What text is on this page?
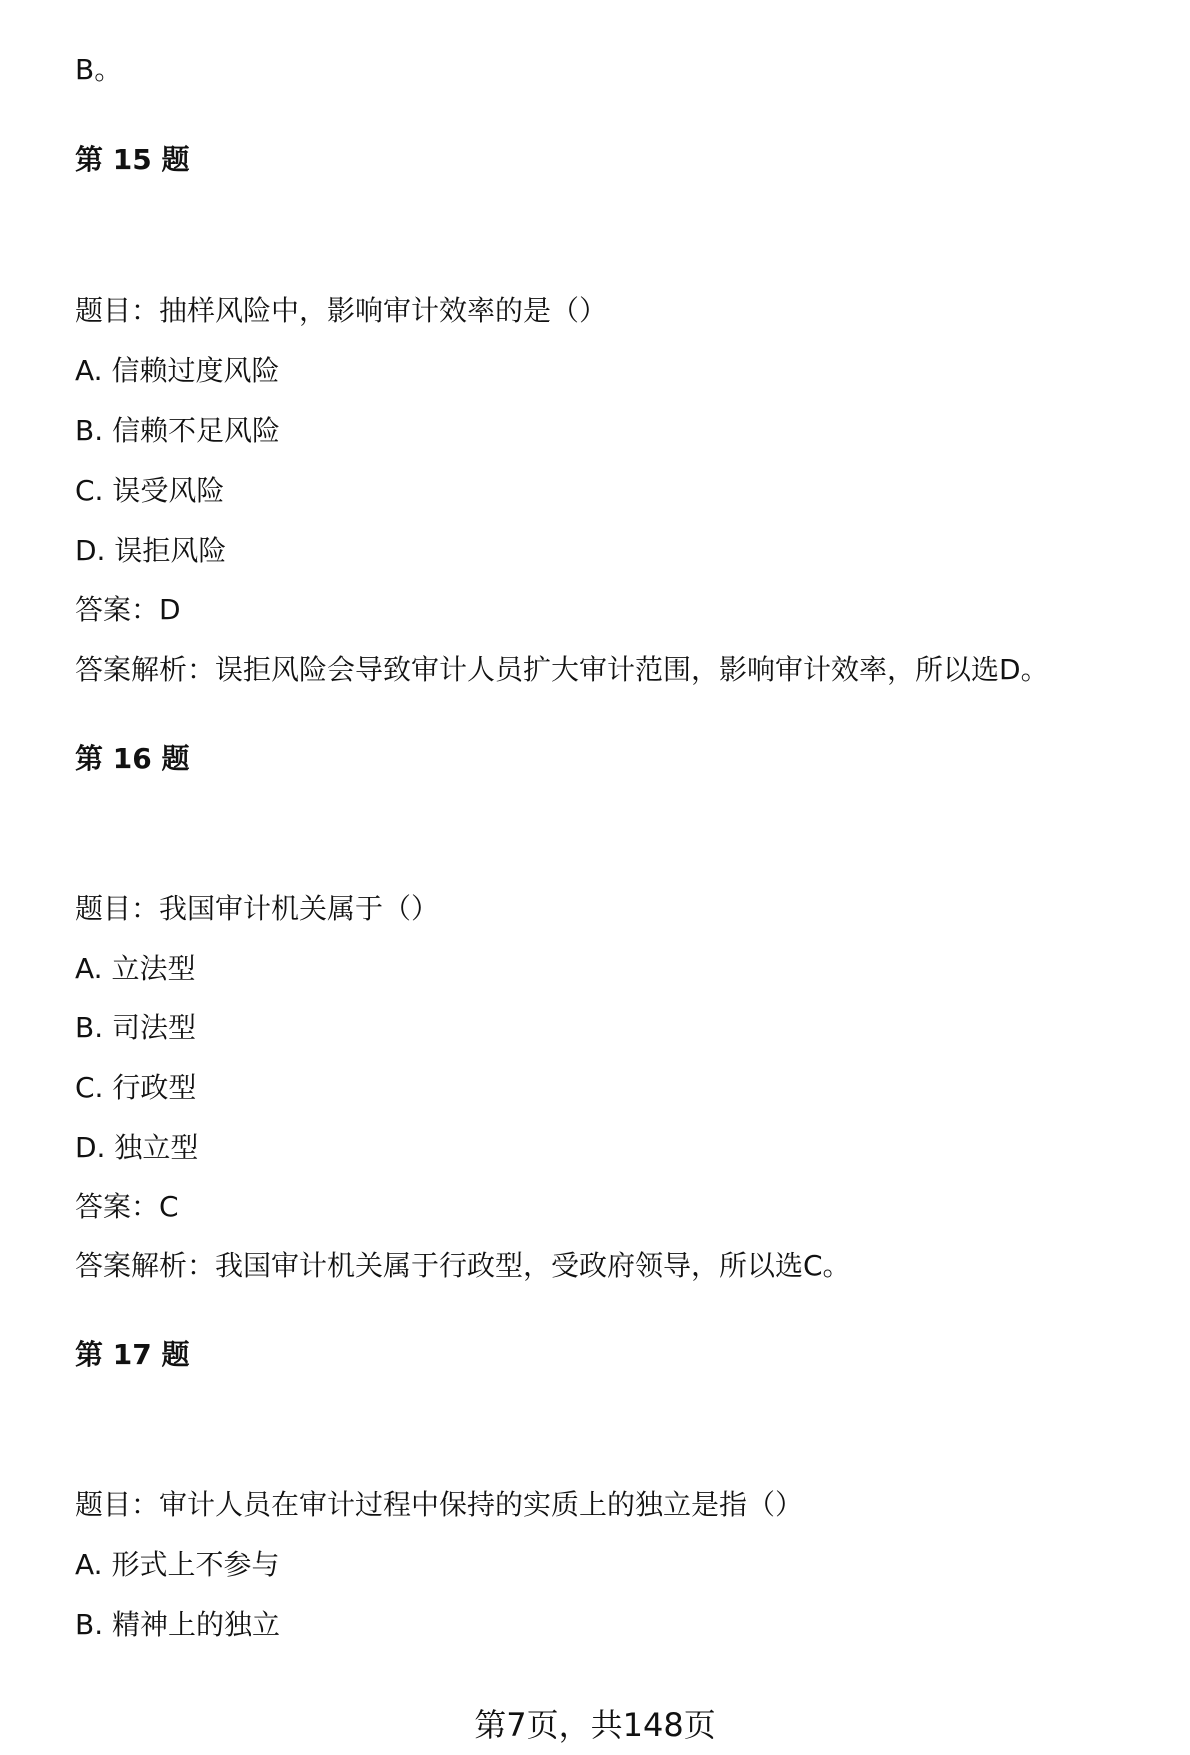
B。
第 15 题
题目：抽样风险中，影响审计效率的是（）
A. 信赖过度风险
B. 信赖不足风险
C. 误受风险
D. 误拒风险
答案：D
答案解析：误拒风险会导致审计人员扩大审计范围，影响审计效率，所以选D。
第 16 题
题目：我国审计机关属于（）
A. 立法型
B. 司法型
C. 行政型
D. 独立型
答案：C
答案解析：我国审计机关属于行政型，受政府领导，所以选C。
第 17 题
题目：审计人员在审计过程中保持的实质上的独立是指（）
A. 形式上不参与
B. 精神上的独立
第7页，共148页
